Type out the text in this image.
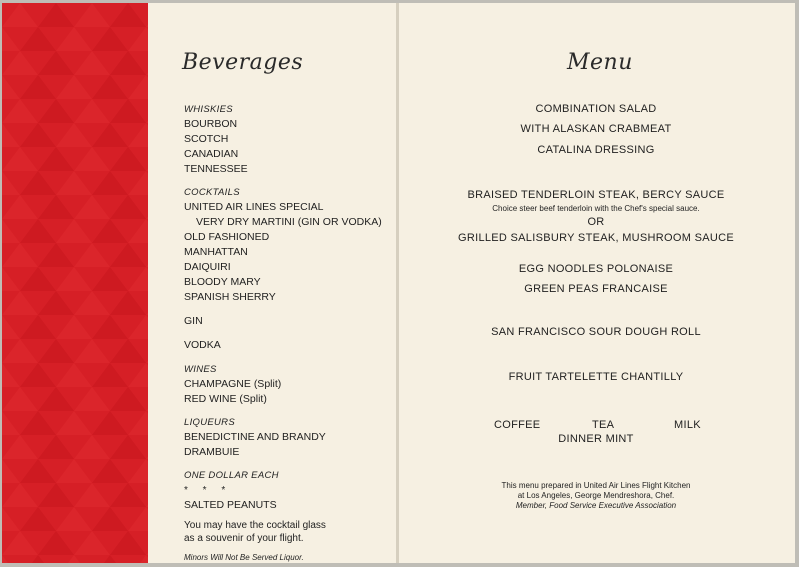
Beverages
WHISKIES
BOURBON
SCOTCH
CANADIAN
TENNESSEE
COCKTAILS
UNITED AIR LINES SPECIAL
VERY DRY MARTINI (GIN OR VODKA)
OLD FASHIONED
MANHATTAN
DAIQUIRI
BLOODY MARY
SPANISH SHERRY
GIN
VODKA
WINES
CHAMPAGNE (Split)
RED WINE (Split)
LIQUEURS
BENEDICTINE AND BRANDY
DRAMBUIE
ONE DOLLAR EACH
* * *
SALTED PEANUTS
You may have the cocktail glass
as a souvenir of your flight.
Minors Will Not Be Served Liquor.
Menu
COMBINATION SALAD
WITH ALASKAN CRABMEAT
CATALINA DRESSING
BRAISED TENDERLOIN STEAK, BERCY SAUCE
Choice steer beef tenderloin with the Chef's special sauce.
OR
GRILLED SALISBURY STEAK, MUSHROOM SAUCE
EGG NOODLES POLONAISE
GREEN PEAS FRANCAISE
SAN FRANCISCO SOUR DOUGH ROLL
FRUIT TARTELETTE CHANTILLY
COFFEE	TEA	MILK
DINNER MINT
This menu prepared in United Air Lines Flight Kitchen
at Los Angeles, George Mendreshora, Chef.
Member, Food Service Executive Association
